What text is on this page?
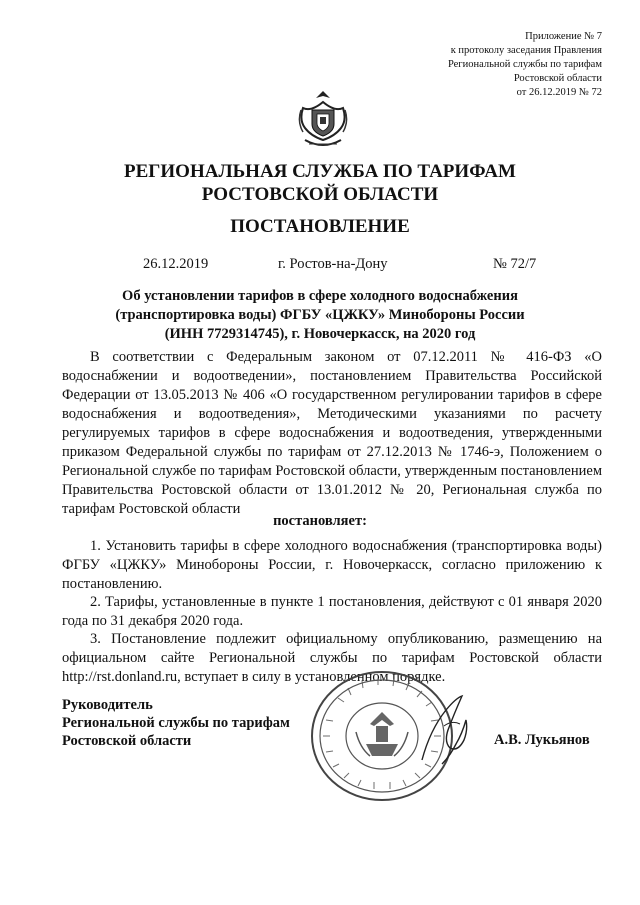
Приложение № 7
к протоколу заседания Правления
Региональной службы по тарифам
Ростовской области
от 26.12.2019 № 72
РЕГИОНАЛЬНАЯ СЛУЖБА ПО ТАРИФАМ
РОСТОВСКОЙ ОБЛАСТИ
ПОСТАНОВЛЕНИЕ
26.12.2019	г. Ростов-на-Дону	№ 72/7
Об установлении тарифов в сфере холодного водоснабжения
(транспортировка воды) ФГБУ «ЦЖКУ» Минобороны России
(ИНН 7729314745), г. Новочеркасск, на 2020 год

В соответствии с Федеральным законом от 07.12.2011 № 416-ФЗ «О водоснабжении и водоотведении», постановлением Правительства Российской Федерации от 13.05.2013 № 406 «О государственном регулировании тарифов в сфере водоснабжения и водоотведения», Методическими указаниями по расчету регулируемых тарифов в сфере водоснабжения и водоотведения, утвержденными приказом Федеральной службы по тарифам от 27.12.2013 № 1746-э, Положением о Региональной службе по тарифам Ростовской области, утвержденным постановлением Правительства Ростовской области от 13.01.2012 № 20, Региональная служба по тарифам Ростовской области

постановляет:

1. Установить тарифы в сфере холодного водоснабжения (транспортировка воды) ФГБУ «ЦЖКУ» Минобороны России, г. Новочеркасск, согласно приложению к постановлению.

2. Тарифы, установленные в пункте 1 постановления, действуют с 01 января 2020 года по 31 декабря 2020 года.

3. Постановление подлежит официальному опубликованию, размещению на официальном сайте Региональной службы по тарифам Ростовской области http://rst.donland.ru, вступает в силу в установленном порядке.

Руководитель
Региональной службы по тарифам
Ростовской области	А.В. Лукьянов
